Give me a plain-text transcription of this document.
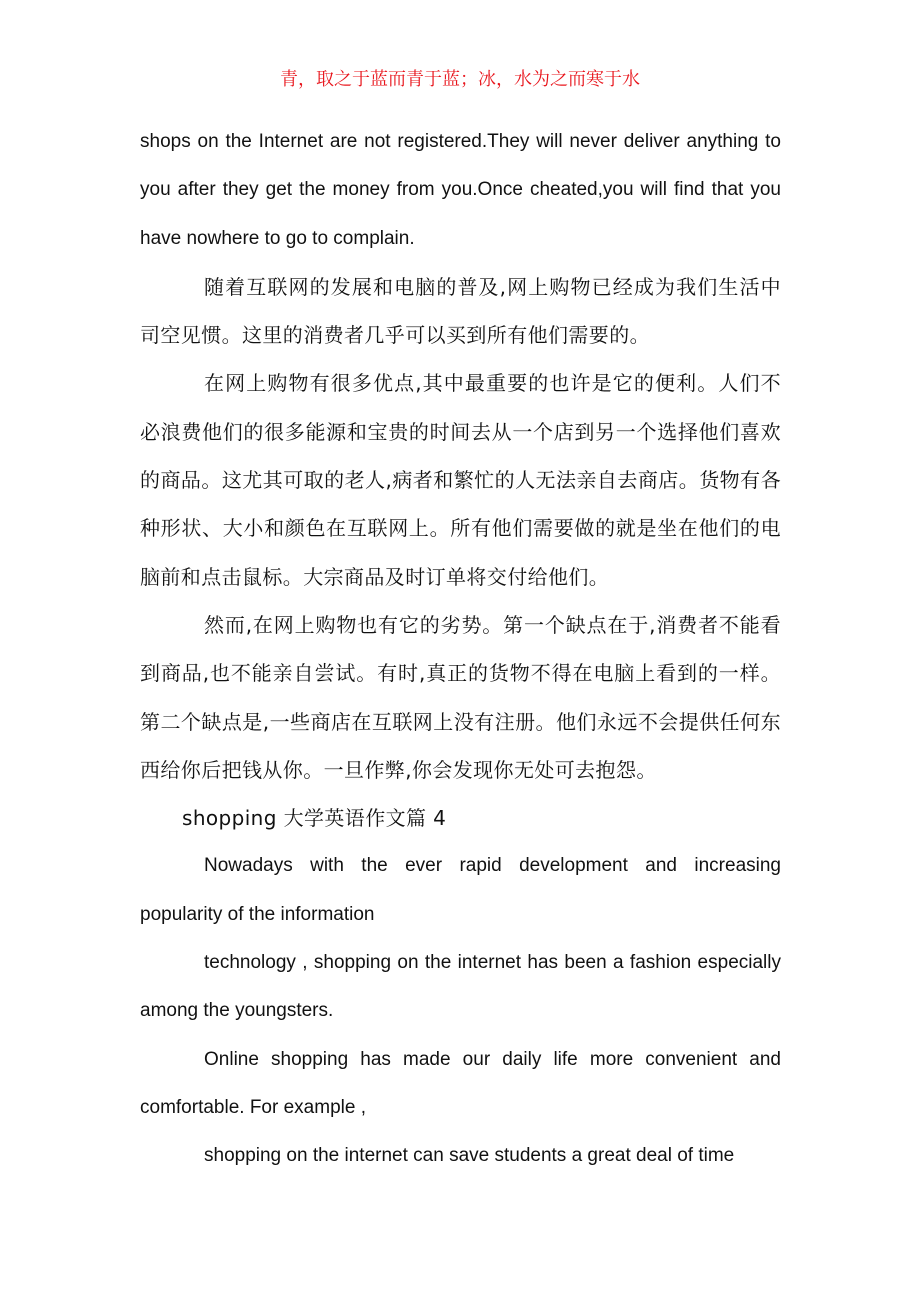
青，取之于蓝而青于蓝；冰，水为之而寒于水

shops on the Internet are not registered.They will never deliver anything to you after they get the money from you.Once cheated,you will find that you have nowhere to go to complain.

随着互联网的发展和电脑的普及,网上购物已经成为我们生活中司空见惯。这里的消费者几乎可以买到所有他们需要的。

在网上购物有很多优点,其中最重要的也许是它的便利。人们不必浪费他们的很多能源和宝贵的时间去从一个店到另一个选择他们喜欢的商品。这尤其可取的老人,病者和繁忙的人无法亲自去商店。货物有各种形状、大小和颜色在互联网上。所有他们需要做的就是坐在他们的电脑前和点击鼠标。大宗商品及时订单将交付给他们。

然而,在网上购物也有它的劣势。第一个缺点在于,消费者不能看到商品,也不能亲自尝试。有时,真正的货物不得在电脑上看到的一样。第二个缺点是,一些商店在互联网上没有注册。他们永远不会提供任何东西给你后把钱从你。一旦作弊,你会发现你无处可去抱怨。

shopping 大学英语作文篇 4

Nowadays with the ever rapid development and increasing popularity of the information

technology , shopping on the internet has been a fashion especially among the youngsters.

Online shopping has made our daily life more convenient and comfortable. For example ,

shopping on the internet can save students a great deal of time
